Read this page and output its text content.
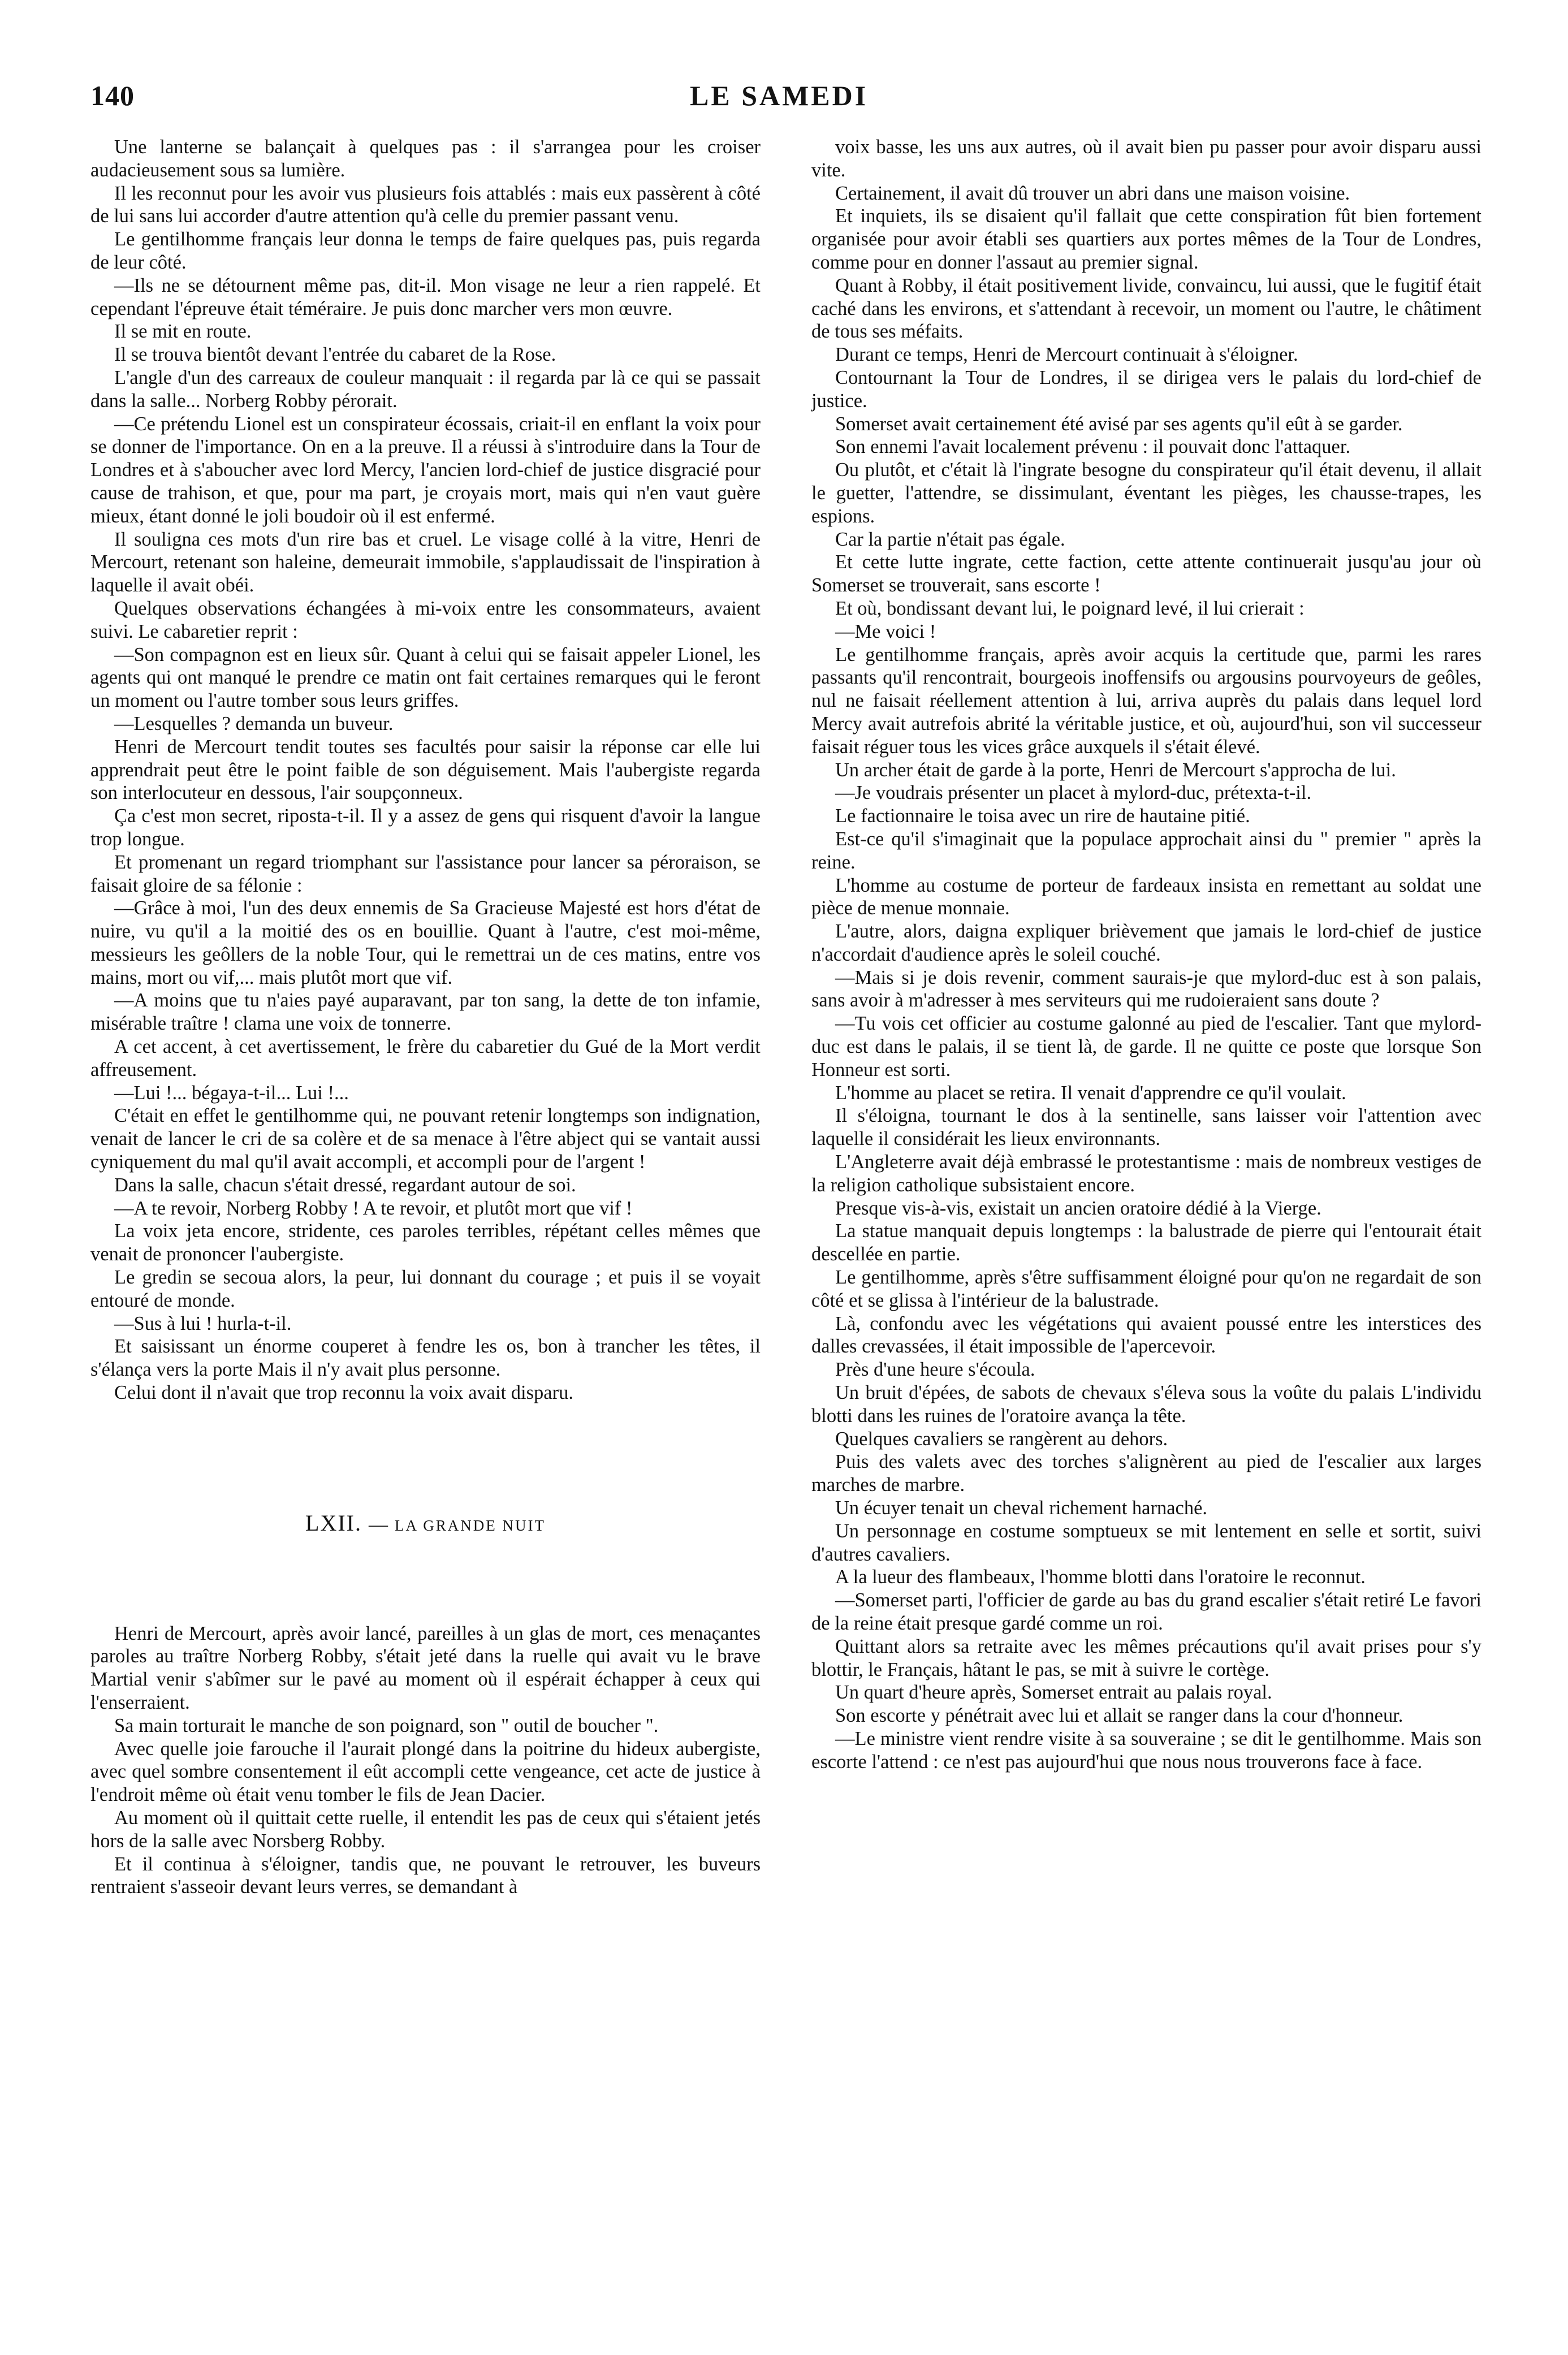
140	LE SAMEDI

Une lanterne se balançait à quelques pas : il s'arrangea pour les croiser audacieusement sous sa lumière.

Il les reconnut pour les avoir vus plusieurs fois attablés : mais eux passèrent à côté de lui sans lui accorder d'autre attention qu'à celle du premier passant venu.

Le gentilhomme français leur donna le temps de faire quelques pas, puis regarda de leur côté.

—Ils ne se détournent même pas, dit-il. Mon visage ne leur a rien rappelé. Et cependant l'épreuve était téméraire. Je puis donc marcher vers mon œuvre.

Il se mit en route.

Il se trouva bientôt devant l'entrée du cabaret de la Rose.

L'angle d'un des carreaux de couleur manquait : il regarda par là ce qui se passait dans la salle... Norberg Robby pérorait.

—Ce prétendu Lionel est un conspirateur écossais, criait-il en enflant la voix pour se donner de l'importance. On en a la preuve. Il a réussi à s'introduire dans la Tour de Londres et à s'aboucher avec lord Mercy, l'ancien lord-chief de justice disgracié pour cause de trahison, et que, pour ma part, je croyais mort, mais qui n'en vaut guère mieux, étant donné le joli boudoir où il est enfermé.

Il souligna ces mots d'un rire bas et cruel. Le visage collé à la vitre, Henri de Mercourt, retenant son haleine, demeurait immobile, s'applaudissait de l'inspiration à laquelle il avait obéi.

Quelques observations échangées à mi-voix entre les consommateurs, avaient suivi. Le cabaretier reprit :

—Son compagnon est en lieux sûr. Quant à celui qui se faisait appeler Lionel, les agents qui ont manqué le prendre ce matin ont fait certaines remarques qui le feront un moment ou l'autre tomber sous leurs griffes.

—Lesquelles ? demanda un buveur.

Henri de Mercourt tendit toutes ses facultés pour saisir la réponse car elle lui apprendrait peut être le point faible de son déguisement. Mais l'aubergiste regarda son interlocuteur en dessous, l'air soupçonneux.

Ça c'est mon secret, riposta-t-il. Il y a assez de gens qui risquent d'avoir la langue trop longue.

Et promenant un regard triomphant sur l'assistance pour lancer sa péroraison, se faisait gloire de sa félonie :

—Grâce à moi, l'un des deux ennemis de Sa Gracieuse Majesté est hors d'état de nuire, vu qu'il a la moitié des os en bouillie. Quant à l'autre, c'est moi-même, messieurs les geôllers de la noble Tour, qui le remettrai un de ces matins, entre vos mains, mort ou vif,... mais plutôt mort que vif.

—A moins que tu n'aies payé auparavant, par ton sang, la dette de ton infamie, misérable traître ! clama une voix de tonnerre.

A cet accent, à cet avertissement, le frère du cabaretier du Gué de la Mort verdit affreusement.

—Lui !... bégaya-t-il... Lui !...

C'était en effet le gentilhomme qui, ne pouvant retenir longtemps son indignation, venait de lancer le cri de sa colère et de sa menace à l'être abject qui se vantait aussi cyniquement du mal qu'il avait accompli, et accompli pour de l'argent !

Dans la salle, chacun s'était dressé, regardant autour de soi.

—A te revoir, Norberg Robby ! A te revoir, et plutôt mort que vif !

La voix jeta encore, stridente, ces paroles terribles, répétant celles mêmes que venait de prononcer l'aubergiste.

Le gredin se secoua alors, la peur, lui donnant du courage ; et puis il se voyait entouré de monde.

—Sus à lui ! hurla-t-il.

Et saisissant un énorme couperet à fendre les os, bon à trancher les têtes, il s'élança vers la porte Mais il n'y avait plus personne.

Celui dont il n'avait que trop reconnu la voix avait disparu.

LXII. — LA GRANDE NUIT

Henri de Mercourt, après avoir lancé, pareilles à un glas de mort, ces menaçantes paroles au traître Norberg Robby, s'était jeté dans la ruelle qui avait vu le brave Martial venir s'abîmer sur le pavé au moment où il espérait échapper à ceux qui l'enserraient.

Sa main torturait le manche de son poignard, son " outil de boucher ".

Avec quelle joie farouche il l'aurait plongé dans la poitrine du hideux aubergiste, avec quel sombre consentement il eût accompli cette vengeance, cet acte de justice à l'endroit même où était venu tomber le fils de Jean Dacier.

Au moment où il quittait cette ruelle, il entendit les pas de ceux qui s'étaient jetés hors de la salle avec Norsberg Robby.

Et il continua à s'éloigner, tandis que, ne pouvant le retrouver, les buveurs rentraient s'asseoir devant leurs verres, se demandant à

voix basse, les uns aux autres, où il avait bien pu passer pour avoir disparu aussi vite.

Certainement, il avait dû trouver un abri dans une maison voisine.

Et inquiets, ils se disaient qu'il fallait que cette conspiration fût bien fortement organisée pour avoir établi ses quartiers aux portes mêmes de la Tour de Londres, comme pour en donner l'assaut au premier signal.

Quant à Robby, il était positivement livide, convaincu, lui aussi, que le fugitif était caché dans les environs, et s'attendant à recevoir, un moment ou l'autre, le châtiment de tous ses méfaits.

Durant ce temps, Henri de Mercourt continuait à s'éloigner.

Contournant la Tour de Londres, il se dirigea vers le palais du lord-chief de justice.

Somerset avait certainement été avisé par ses agents qu'il eût à se garder.

Son ennemi l'avait localement prévenu : il pouvait donc l'attaquer.

Ou plutôt, et c'était là l'ingrate besogne du conspirateur qu'il était devenu, il allait le guetter, l'attendre, se dissimulant, éventant les pièges, les chausse-trapes, les espions.

Car la partie n'était pas égale.

Et cette lutte ingrate, cette faction, cette attente continuerait jusqu'au jour où Somerset se trouverait, sans escorte !

Et où, bondissant devant lui, le poignard levé, il lui crierait :

—Me voici !

Le gentilhomme français, après avoir acquis la certitude que, parmi les rares passants qu'il rencontrait, bourgeois inoffensifs ou argousins pourvoyeurs de geôles, nul ne faisait réellement attention à lui, arriva auprès du palais dans lequel lord Mercy avait autrefois abrité la véritable justice, et où, aujourd'hui, son vil successeur faisait réguer tous les vices grâce auxquels il s'était élevé.

Un archer était de garde à la porte, Henri de Mercourt s'approcha de lui.

—Je voudrais présenter un placet à mylord-duc, prétexta-t-il.

Le factionnaire le toisa avec un rire de hautaine pitié.

Est-ce qu'il s'imaginait que la populace approchait ainsi du " premier " après la reine.

L'homme au costume de porteur de fardeaux insista en remettant au soldat une pièce de menue monnaie.

L'autre, alors, daigna expliquer brièvement que jamais le lord-chief de justice n'accordait d'audience après le soleil couché.

—Mais si je dois revenir, comment saurais-je que mylord-duc est à son palais, sans avoir à m'adresser à mes serviteurs qui me rudoieraient sans doute ?

—Tu vois cet officier au costume galonné au pied de l'escalier. Tant que mylord-duc est dans le palais, il se tient là, de garde. Il ne quitte ce poste que lorsque Son Honneur est sorti.

L'homme au placet se retira. Il venait d'apprendre ce qu'il voulait.

Il s'éloigna, tournant le dos à la sentinelle, sans laisser voir l'attention avec laquelle il considérait les lieux environnants.

L'Angleterre avait déjà embrassé le protestantisme : mais de nombreux vestiges de la religion catholique subsistaient encore.

Presque vis-à-vis, existait un ancien oratoire dédié à la Vierge.

La statue manquait depuis longtemps : la balustrade de pierre qui l'entourait était descellée en partie.

Le gentilhomme, après s'être suffisamment éloigné pour qu'on ne regardait de son côté et se glissa à l'intérieur de la balustrade.

Là, confondu avec les végétations qui avaient poussé entre les interstices des dalles crevassées, il était impossible de l'apercevoir.

Près d'une heure s'écoula.

Un bruit d'épées, de sabots de chevaux s'éleva sous la voûte du palais L'individu blotti dans les ruines de l'oratoire avança la tête.

Quelques cavaliers se rangèrent au dehors.

Puis des valets avec des torches s'alignèrent au pied de l'escalier aux larges marches de marbre.

Un écuyer tenait un cheval richement harnaché.

Un personnage en costume somptueux se mit lentement en selle et sortit, suivi d'autres cavaliers.

A la lueur des flambeaux, l'homme blotti dans l'oratoire le reconnut.

—Somerset parti, l'officier de garde au bas du grand escalier s'était retiré Le favori de la reine était presque gardé comme un roi.

Quittant alors sa retraite avec les mêmes précautions qu'il avait prises pour s'y blottir, le Français, hâtant le pas, se mit à suivre le cortège.

Un quart d'heure après, Somerset entrait au palais royal.

Son escorte y pénétrait avec lui et allait se ranger dans la cour d'honneur.

—Le ministre vient rendre visite à sa souveraine ; se dit le gentilhomme. Mais son escorte l'attend : ce n'est pas aujourd'hui que nous nous trouverons face à face.
